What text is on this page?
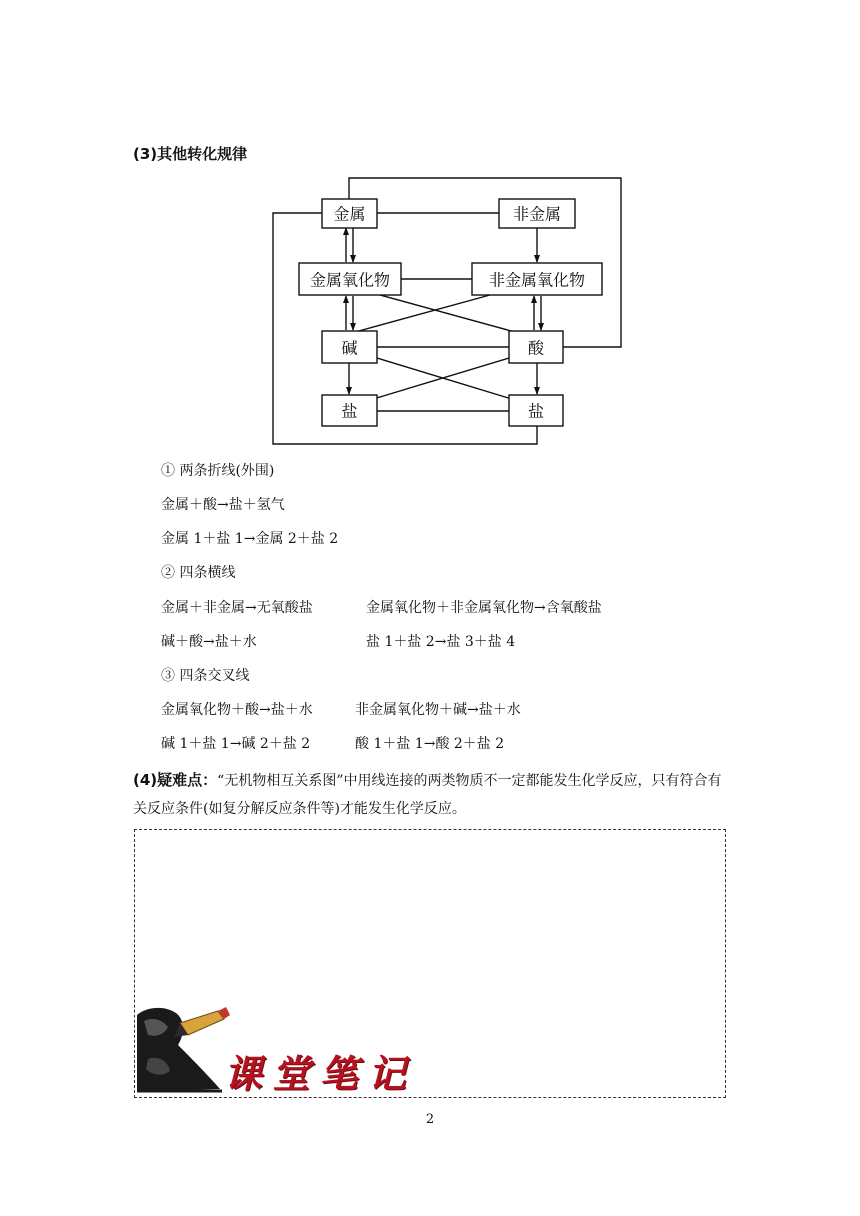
(3)其他转化规律
金属	非金属
金属氧化物	非金属氧化物
碱	酸
盐	盐
① 两条折线(外围)
金属＋酸→盐＋氢气
金属 1＋盐 1→金属 2＋盐 2
② 四条横线
金属＋非金属→无氧酸盐	金属氧化物＋非金属氧化物→含氧酸盐
碱＋酸→盐＋水	盐 1＋盐 2→盐 3＋盐 4
③ 四条交叉线
金属氧化物＋酸→盐＋水	非金属氧化物＋碱→盐＋水
碱 1＋盐 1→碱 2＋盐 2	酸 1＋盐 1→酸 2＋盐 2
(4)疑难点：“无机物相互关系图”中用线连接的两类物质不一定都能发生化学反应，只有符合有关反应条件(如复分解反应条件等)才能发生化学反应。
课堂笔记
2
